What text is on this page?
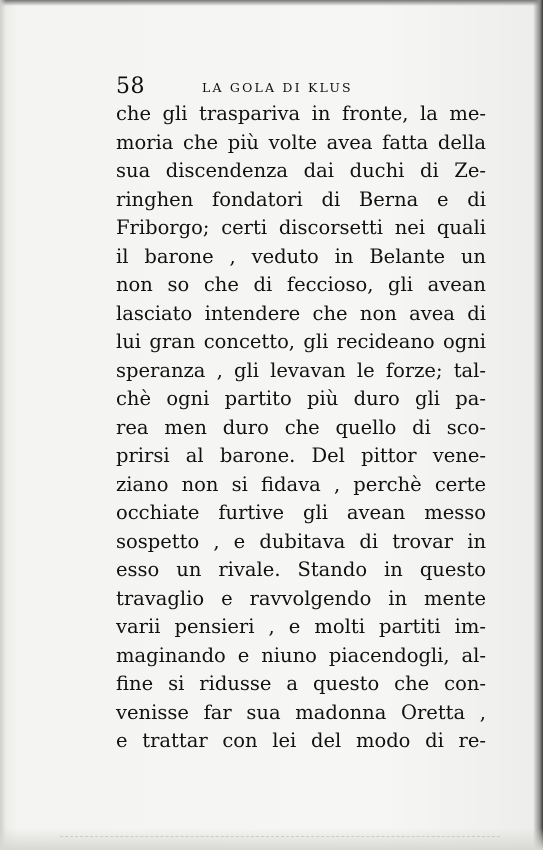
58	LA GOLA DI KLUS
che gli traspariva in fronte, la me-
moria che più volte avea fatta della
sua discendenza dai duchi di Ze-
ringhen fondatori di Berna e di
Friborgo; certi discorsetti nei quali
il barone , veduto in Belante un
non so che di feccioso, gli avean
lasciato intendere che non avea di
lui gran concetto, gli recideano ogni
speranza , gli levavan le forze; tal-
chè ogni partito più duro gli pa-
rea men duro che quello di sco-
prirsi al barone. Del pittor vene-
ziano non si fidava , perchè certe
occhiate furtive gli avean messo
sospetto , e dubitava di trovar in
esso un rivale. Stando in questo
travaglio e ravvolgendo in mente
varii pensieri , e molti partiti im-
maginando e niuno piacendogli, al-
fine si ridusse a questo che con-
venisse far sua madonna Oretta ,
e trattar con lei del modo di re-
